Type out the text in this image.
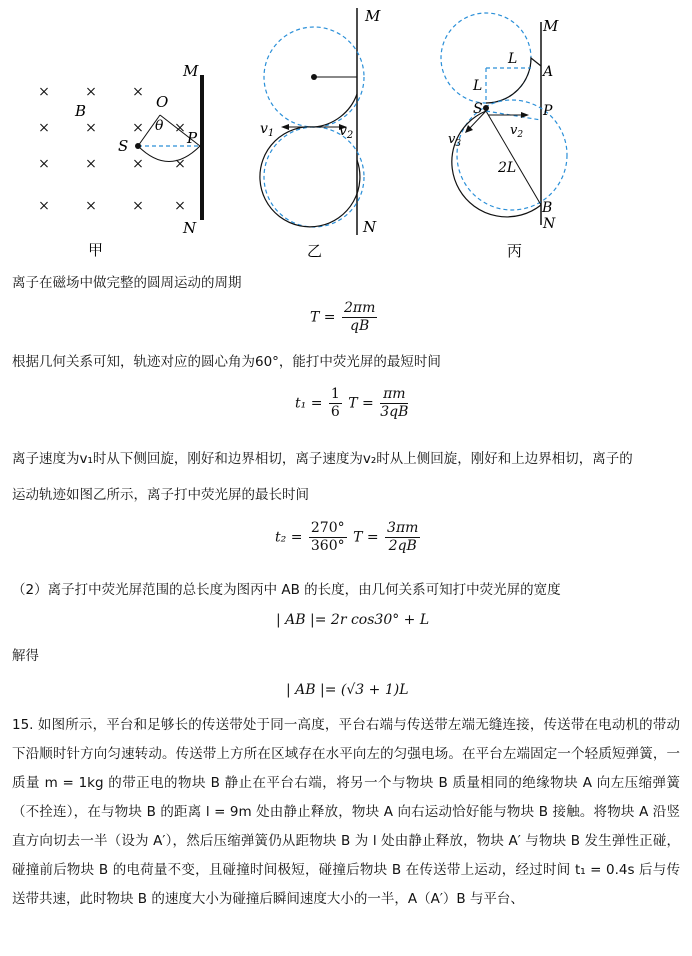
×	×	×
×	×	× ×
×	×	× ×
×	×	× ×
B	O
θ
S	P
M
N
甲
$v_1$	$v_2$
M
N
乙
L
L
A
S	P
M
$v_3$
$v_2$
2L
B
N
丙
离子在磁场中做完整的圆周运动的周期
$T = \frac{2\pi m}{qB}$
根据几何关系可知，轨迹对应的圆心角为60°，能打中荧光屏的最短时间
$t_1 = \frac{1}{6}$ $T = \frac{\pi m}{3qB}$
离子速度为v₁时从下侧回旋，刚好和边界相切，离子速度为v₂时从上侧回旋，刚好和上边界相切，离子的
运动轨迹如图乙所示，离子打中荧光屏的最长时间
$t_2 = \frac{270^\circ}{360^\circ}$ $T = \frac{3\pi m}{2qB}$
（2）离子打中荧光屏范围的总长度为图丙中 AB 的长度，由几何关系可知打中荧光屏的宽度
| AB |= 2r cos30° + L
解得
| AB |= (√3 + 1)L
15. 如图所示，平台和足够长的传送带处于同一高度，平台右端与传送带左端无缝连接，传送带在电动机的带动下沿顺时针方向匀速转动。传送带上方所在区域存在水平向左的匀强电场。在平台左端固定一个轻质短弹簧，一质量 m = 1kg 的带正电的物块 B 静止在平台右端，将另一个与物块 B 质量相同的绝缘物块 A 向左压缩弹簧（不拴连），在与物块 B 的距离 l = 9m 处由静止释放，物块 A 向右运动恰好能与物块 B 接触。将物块 A 沿竖直方向切去一半（设为 A′），然后压缩弹簧仍从距物块 B 为 l 处由静止释放，物块 A′ 与物块 B 发生弹性正碰，碰撞前后物块 B 的电荷量不变，且碰撞时间极短，碰撞后物块 B 在传送带上运动，经过时间 t₁ = 0.4s 后与传送带共速，此时物块 B 的速度大小为碰撞后瞬间速度大小的一半，A（A′）B 与平台、
